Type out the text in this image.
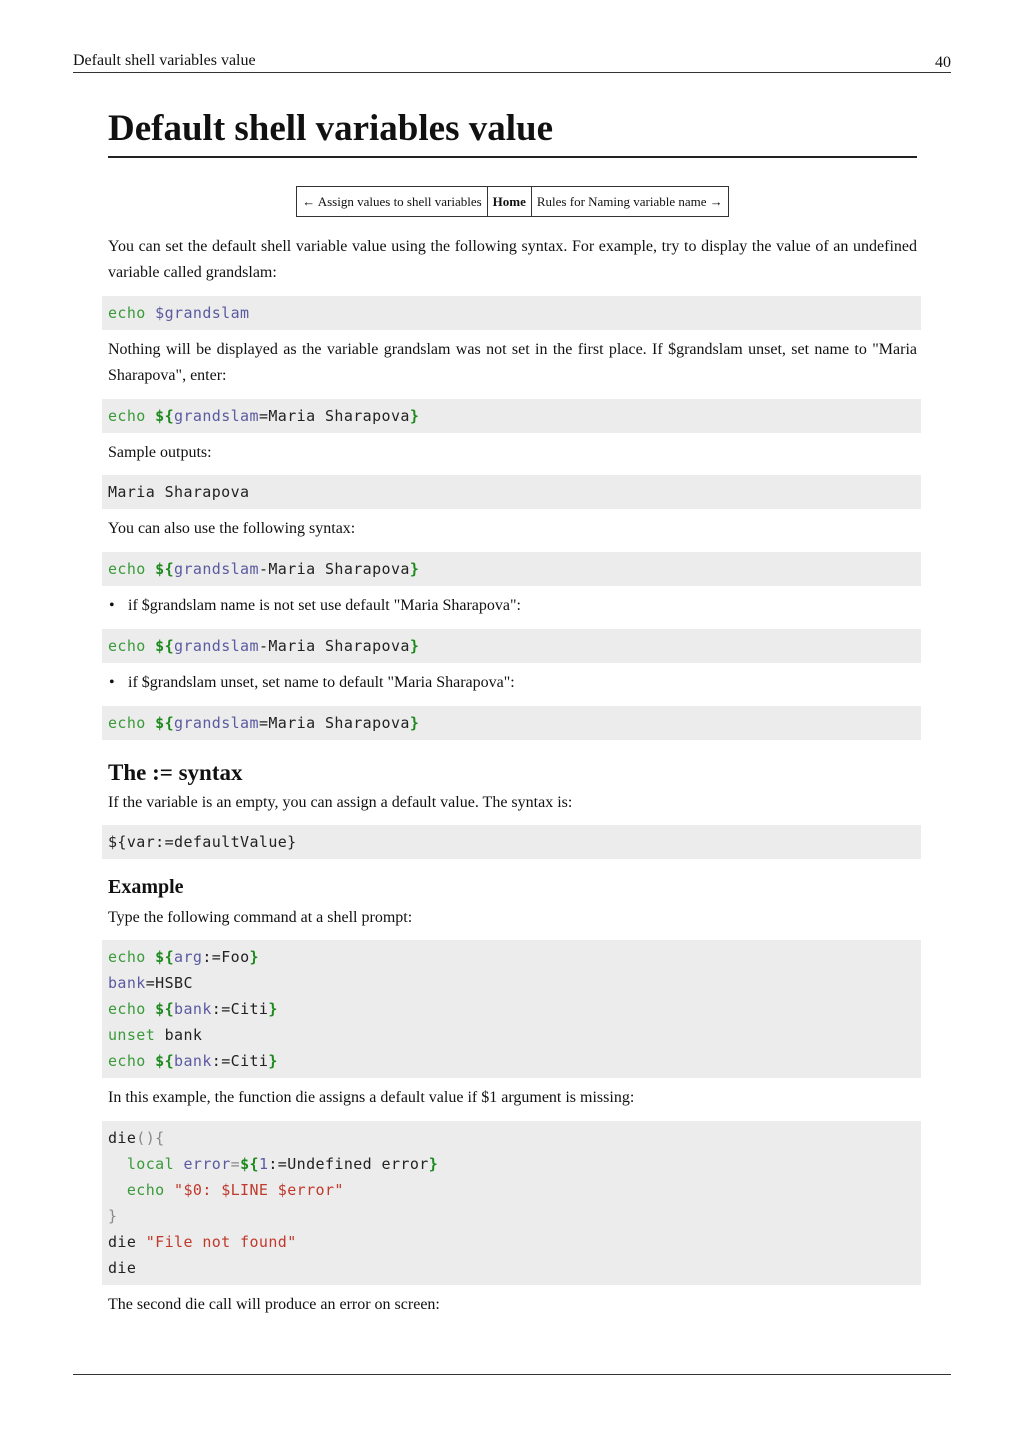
Default shell variables value	40
Default shell variables value
← Assign values to shell variables	Home	Rules for Naming variable name →

You can set the default shell variable value using the following syntax. For example, try to display the value of an undefined variable called grandslam:

echo $grandslam

Nothing will be displayed as the variable grandslam was not set in the first place. If $grandslam unset, set name to "Maria Sharapova", enter:

echo ${grandslam=Maria Sharapova}

Sample outputs:

Maria Sharapova

You can also use the following syntax:

echo ${grandslam-Maria Sharapova}
• if $grandslam name is not set use default "Maria Sharapova":
echo ${grandslam-Maria Sharapova}
• if $grandslam unset, set name to default "Maria Sharapova":
echo ${grandslam=Maria Sharapova}
The := syntax

If the variable is an empty, you can assign a default value. The syntax is:

${var:=defaultValue}
Example

Type the following command at a shell prompt:

echo ${arg:=Foo}
bank=HSBC
echo ${bank:=Citi}
unset bank
echo ${bank:=Citi}

In this example, the function die assigns a default value if $1 argument is missing:

die(){
local error=${1:=Undefined error}
echo "$0: $LINE $error"
}
die "File not found"
die

The second die call will produce an error on screen:
